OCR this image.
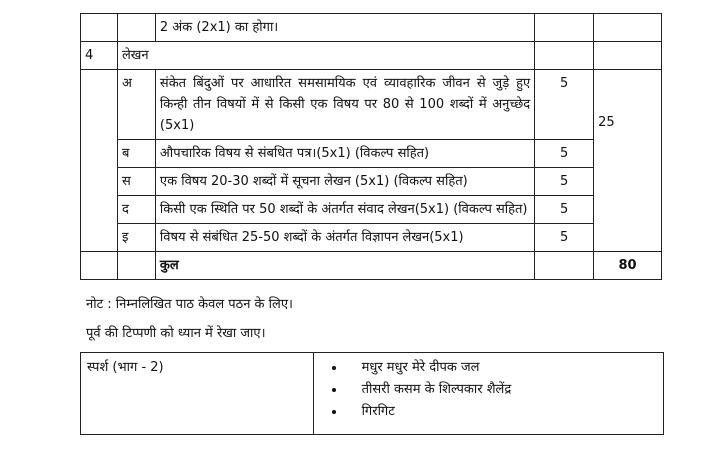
		2 अंक (2x1) का होगा।		
4	लेखन			
	अ	संकेत बिंदुओं पर आधारित समसामयिक एवं व्यावहारिक जीवन से जुड़े हुए किन्ही तीन विषयों में से किसी एक विषय पर 80 से 100 शब्दों में अनुच्छेद (5x1)	5	25
	ब	औपचारिक विषय से संबधित पत्र।(5x1) (विकल्प सहित)	5	
	स	एक विषय 20-30 शब्दों में सूचना लेखन (5x1) (विकल्प सहित)	5	
	द	किसी एक स्थिति पर 50 शब्दों के अंतर्गत संवाद लेखन(5x1) (विकल्प सहित)	5	
	इ	विषय से संबंधित 25-50 शब्दों के अंतर्गत विज्ञापन लेखन(5x1)	5	
		कुल		80
नोट : निम्नलिखित पाठ केवल पठन के लिए।
पूर्व की टिप्पणी को ध्यान में रेखा जाए।
स्पर्श (भाग - 2)	
•मधुर मधुर मेरे दीपक जल
• तीसरी कसम के शिल्पकार शैलेंद्र
• गिरगिट
